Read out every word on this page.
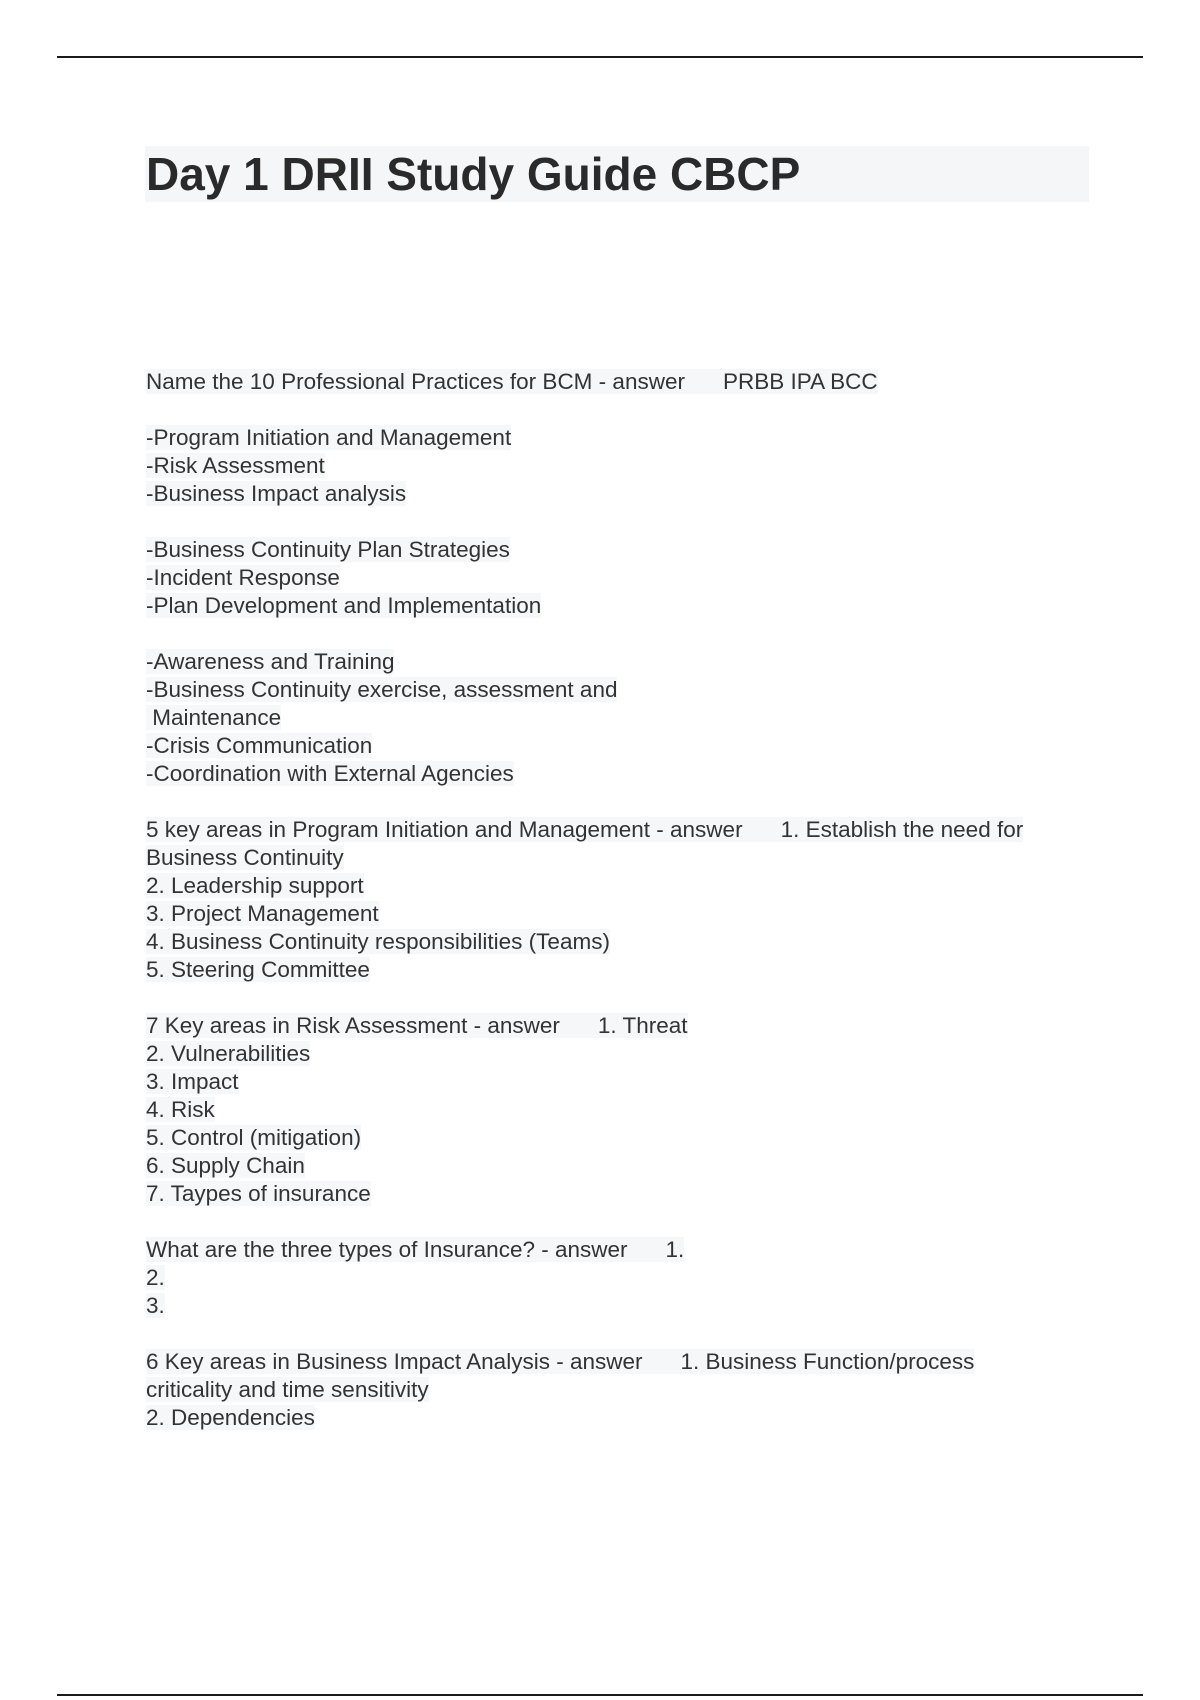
Day 1 DRII Study Guide CBCP
Name the 10 Professional Practices for BCM - answer PRBB IPA BCC
-Program Initiation and Management
-Risk Assessment
-Business Impact analysis
-Business Continuity Plan Strategies
-Incident Response
-Plan Development and Implementation
-Awareness and Training
-Business Continuity exercise, assessment and
Maintenance
-Crisis Communication
-Coordination with External Agencies
5 key areas in Program Initiation and Management - answer 1. Establish the need for
Business Continuity
2. Leadership support
3. Project Management
4. Business Continuity responsibilities (Teams)
5. Steering Committee
7 Key areas in Risk Assessment - answer 1. Threat
2. Vulnerabilities
3. Impact
4. Risk
5. Control (mitigation)
6. Supply Chain
7. Taypes of insurance
What are the three types of Insurance? - answer 1.
2.
3.
6 Key areas in Business Impact Analysis - answer 1. Business Function/process
criticality and time sensitivity
2. Dependencies
